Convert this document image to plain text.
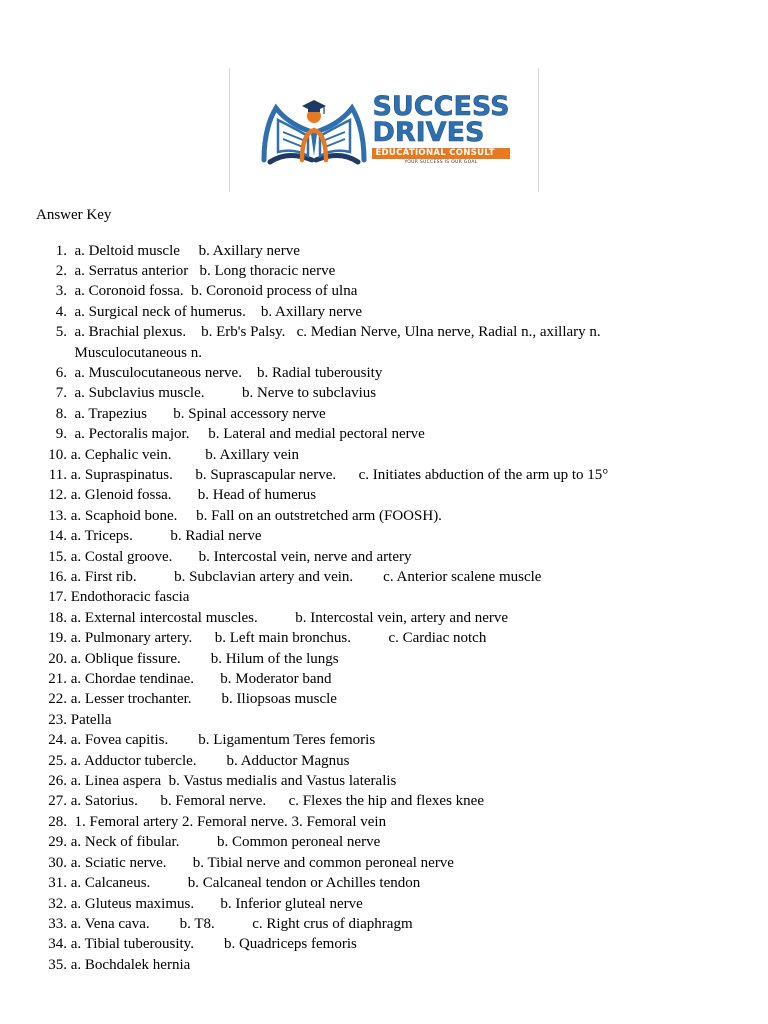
SUCCESS
DRIVES
EDUCATIONAL CONSULT
YOUR SUCCESS IS OUR GOAL
Answer Key
1. a. Deltoid muscle     b. Axillary nerve
2. a. Serratus anterior   b. Long thoracic nerve
3. a. Coronoid fossa.  b. Coronoid process of ulna
4. a. Surgical neck of humerus.    b. Axillary nerve
5. a. Brachial plexus.    b. Erb's Palsy.   c. Median Nerve, Ulna nerve, Radial n., axillary n.
Musculocutaneous n.
6. a. Musculocutaneous nerve.    b. Radial tuberousity
7. a. Subclavius muscle.          b. Nerve to subclavius
8. a. Trapezius       b. Spinal accessory nerve
9. a. Pectoralis major.     b. Lateral and medial pectoral nerve
10. a. Cephalic vein.         b. Axillary vein
11. a. Supraspinatus.      b. Suprascapular nerve.      c. Initiates abduction of the arm up to 15°
12. a. Glenoid fossa.       b. Head of humerus
13. a. Scaphoid bone.     b. Fall on an outstretched arm (FOOSH).
14. a. Triceps.          b. Radial nerve
15. a. Costal groove.       b. Intercostal vein, nerve and artery
16. a. First rib.          b. Subclavian artery and vein.        c. Anterior scalene muscle
17. Endothoracic fascia
18. a. External intercostal muscles.          b. Intercostal vein, artery and nerve
19. a. Pulmonary artery.      b. Left main bronchus.          c. Cardiac notch
20. a. Oblique fissure.        b. Hilum of the lungs
21. a. Chordae tendinae.       b. Moderator band
22. a. Lesser trochanter.        b. Iliopsoas muscle
23. Patella
24. a. Fovea capitis.        b. Ligamentum Teres femoris
25. a. Adductor tubercle.        b. Adductor Magnus
26. a. Linea aspera  b. Vastus medialis and Vastus lateralis
27. a. Satorius.      b. Femoral nerve.      c. Flexes the hip and flexes knee
28. 1. Femoral artery 2. Femoral nerve. 3. Femoral vein
29. a. Neck of fibular.          b. Common peroneal nerve
30. a. Sciatic nerve.       b. Tibial nerve and common peroneal nerve
31. a. Calcaneus.          b. Calcaneal tendon or Achilles tendon
32. a. Gluteus maximus.       b. Inferior gluteal nerve
33. a. Vena cava.        b. T8.          c. Right crus of diaphragm
34. a. Tibial tuberousity.        b. Quadriceps femoris
35. a. Bochdalek hernia
